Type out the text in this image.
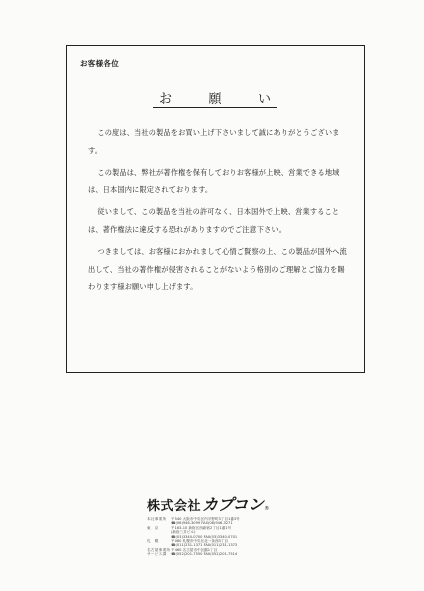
お客様各位
お	願	い

この度は、当社の製品をお買い上げ下さいまして誠にありがとうございます。

この製品は、弊社が著作権を保有しておりお客様が上映、営業できる地域は、日本国内に限定されております。

従いまして、この製品を当社の許可なく、日本国外で上映、営業することは、著作権法に違反する恐れがありますのでご注意下さい。

つきましては、お客様におかれまして心情ご賢察の上、この製品が国外へ流出して、当社の著作権が侵害されることがないよう格別のご理解とご協力を賜わります様お願い申し上げます。

株式会社 カプコン ®
本社事業所	〒540 大阪市中央区内平野町3丁目1番3号
☎(06)946-3099 FAX(06)946-3271
東　京	〒163-10 新宿区西新宿2丁目1番1号
(新宿三井ビル)
☎(03)3340-0700 FAX(03)3340-0701
札　幌	〒060 札幌市中央区北一条西3丁目
☎(011)231-1371 FAX(011)231-1373
名古屋事業所 〒460 名古屋市中区錦1丁目
サービス課	☎(052)201-7550 FAX(052)201-7514
